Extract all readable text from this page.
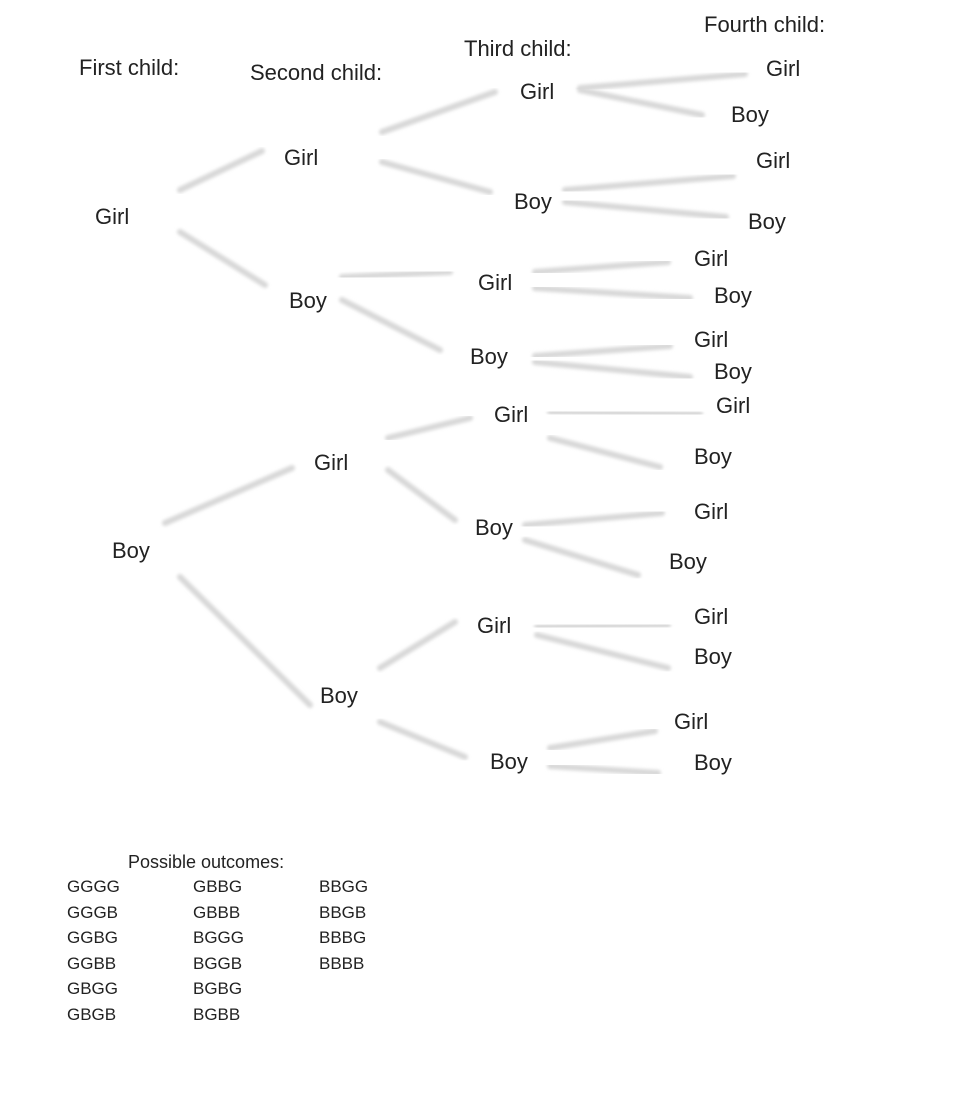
First child:	Second child:
Third child:
Fourth child:
Girl
Boy
Girl
Boy
Girl
Boy
Girl
Boy
Girl
Boy
Girl
Boy
Girl
Boy
Girl
Boy
Girl
Boy
Girl
Boy
Girl
Boy
Girl
Boy
Girl
Boy
Girl
Boy
Girl
Boy
Possible outcomes:
GGGG
GGGB
GGBG
GGBB
GBGG
GBGB
GBBG
GBBB
BGGG
BGGB
BGBG
BGBB
BBGG
BBGB
BBBG
BBBB
